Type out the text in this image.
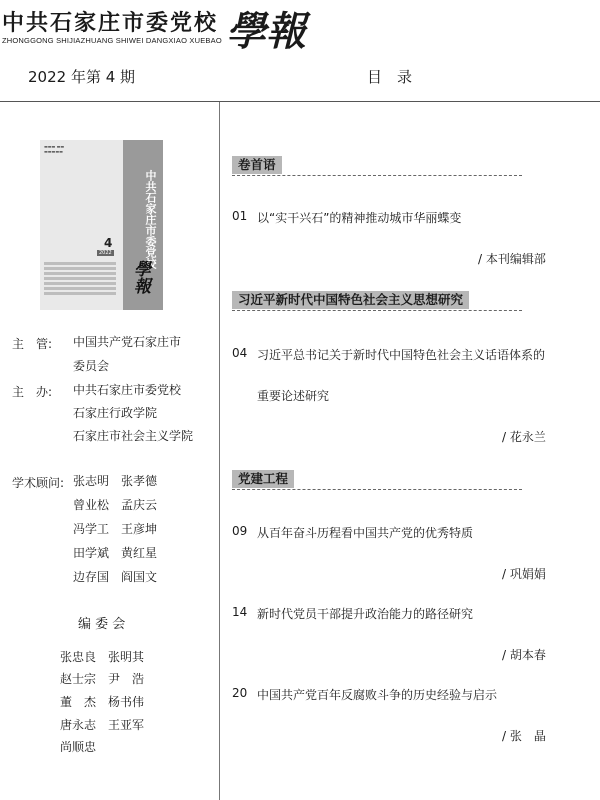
中共石家庄市委党校
ZHONGGONG SHIJIAZHUANG SHIWEI DANGXIAO XUEBAO 學報
2022 年第 4 期	目　录
▬▬▬ ▬▬
▬▬▬▬▬
4
2022	中共石家庄市委党校
學報
主　管: 中国共产党石家庄市
委员会
主　办: 中共石家庄市委党校
石家庄行政学院
石家庄市社会主义学院
学术顾问: 张志明 张孝德
曾业松 孟庆云
冯学工 王彦坤
田学斌 黄红星
边存国 阎国文
编 委 会
张忠良 张明其
赵士宗 尹　浩
董　杰 杨书伟
唐永志 王亚军
尚顺忠
卷首语
01 以“实干兴石”的精神推动城市华丽蝶变
/ 本刊编辑部
习近平新时代中国特色社会主义思想研究
04 习近平总书记关于新时代中国特色社会主义话语体系的
重要论述研究
/ 花永兰
党建工程
09 从百年奋斗历程看中国共产党的优秀特质
/ 巩娟娟
14 新时代党员干部提升政治能力的路径研究
/ 胡本春
20 中国共产党百年反腐败斗争的历史经验与启示
/ 张　晶
